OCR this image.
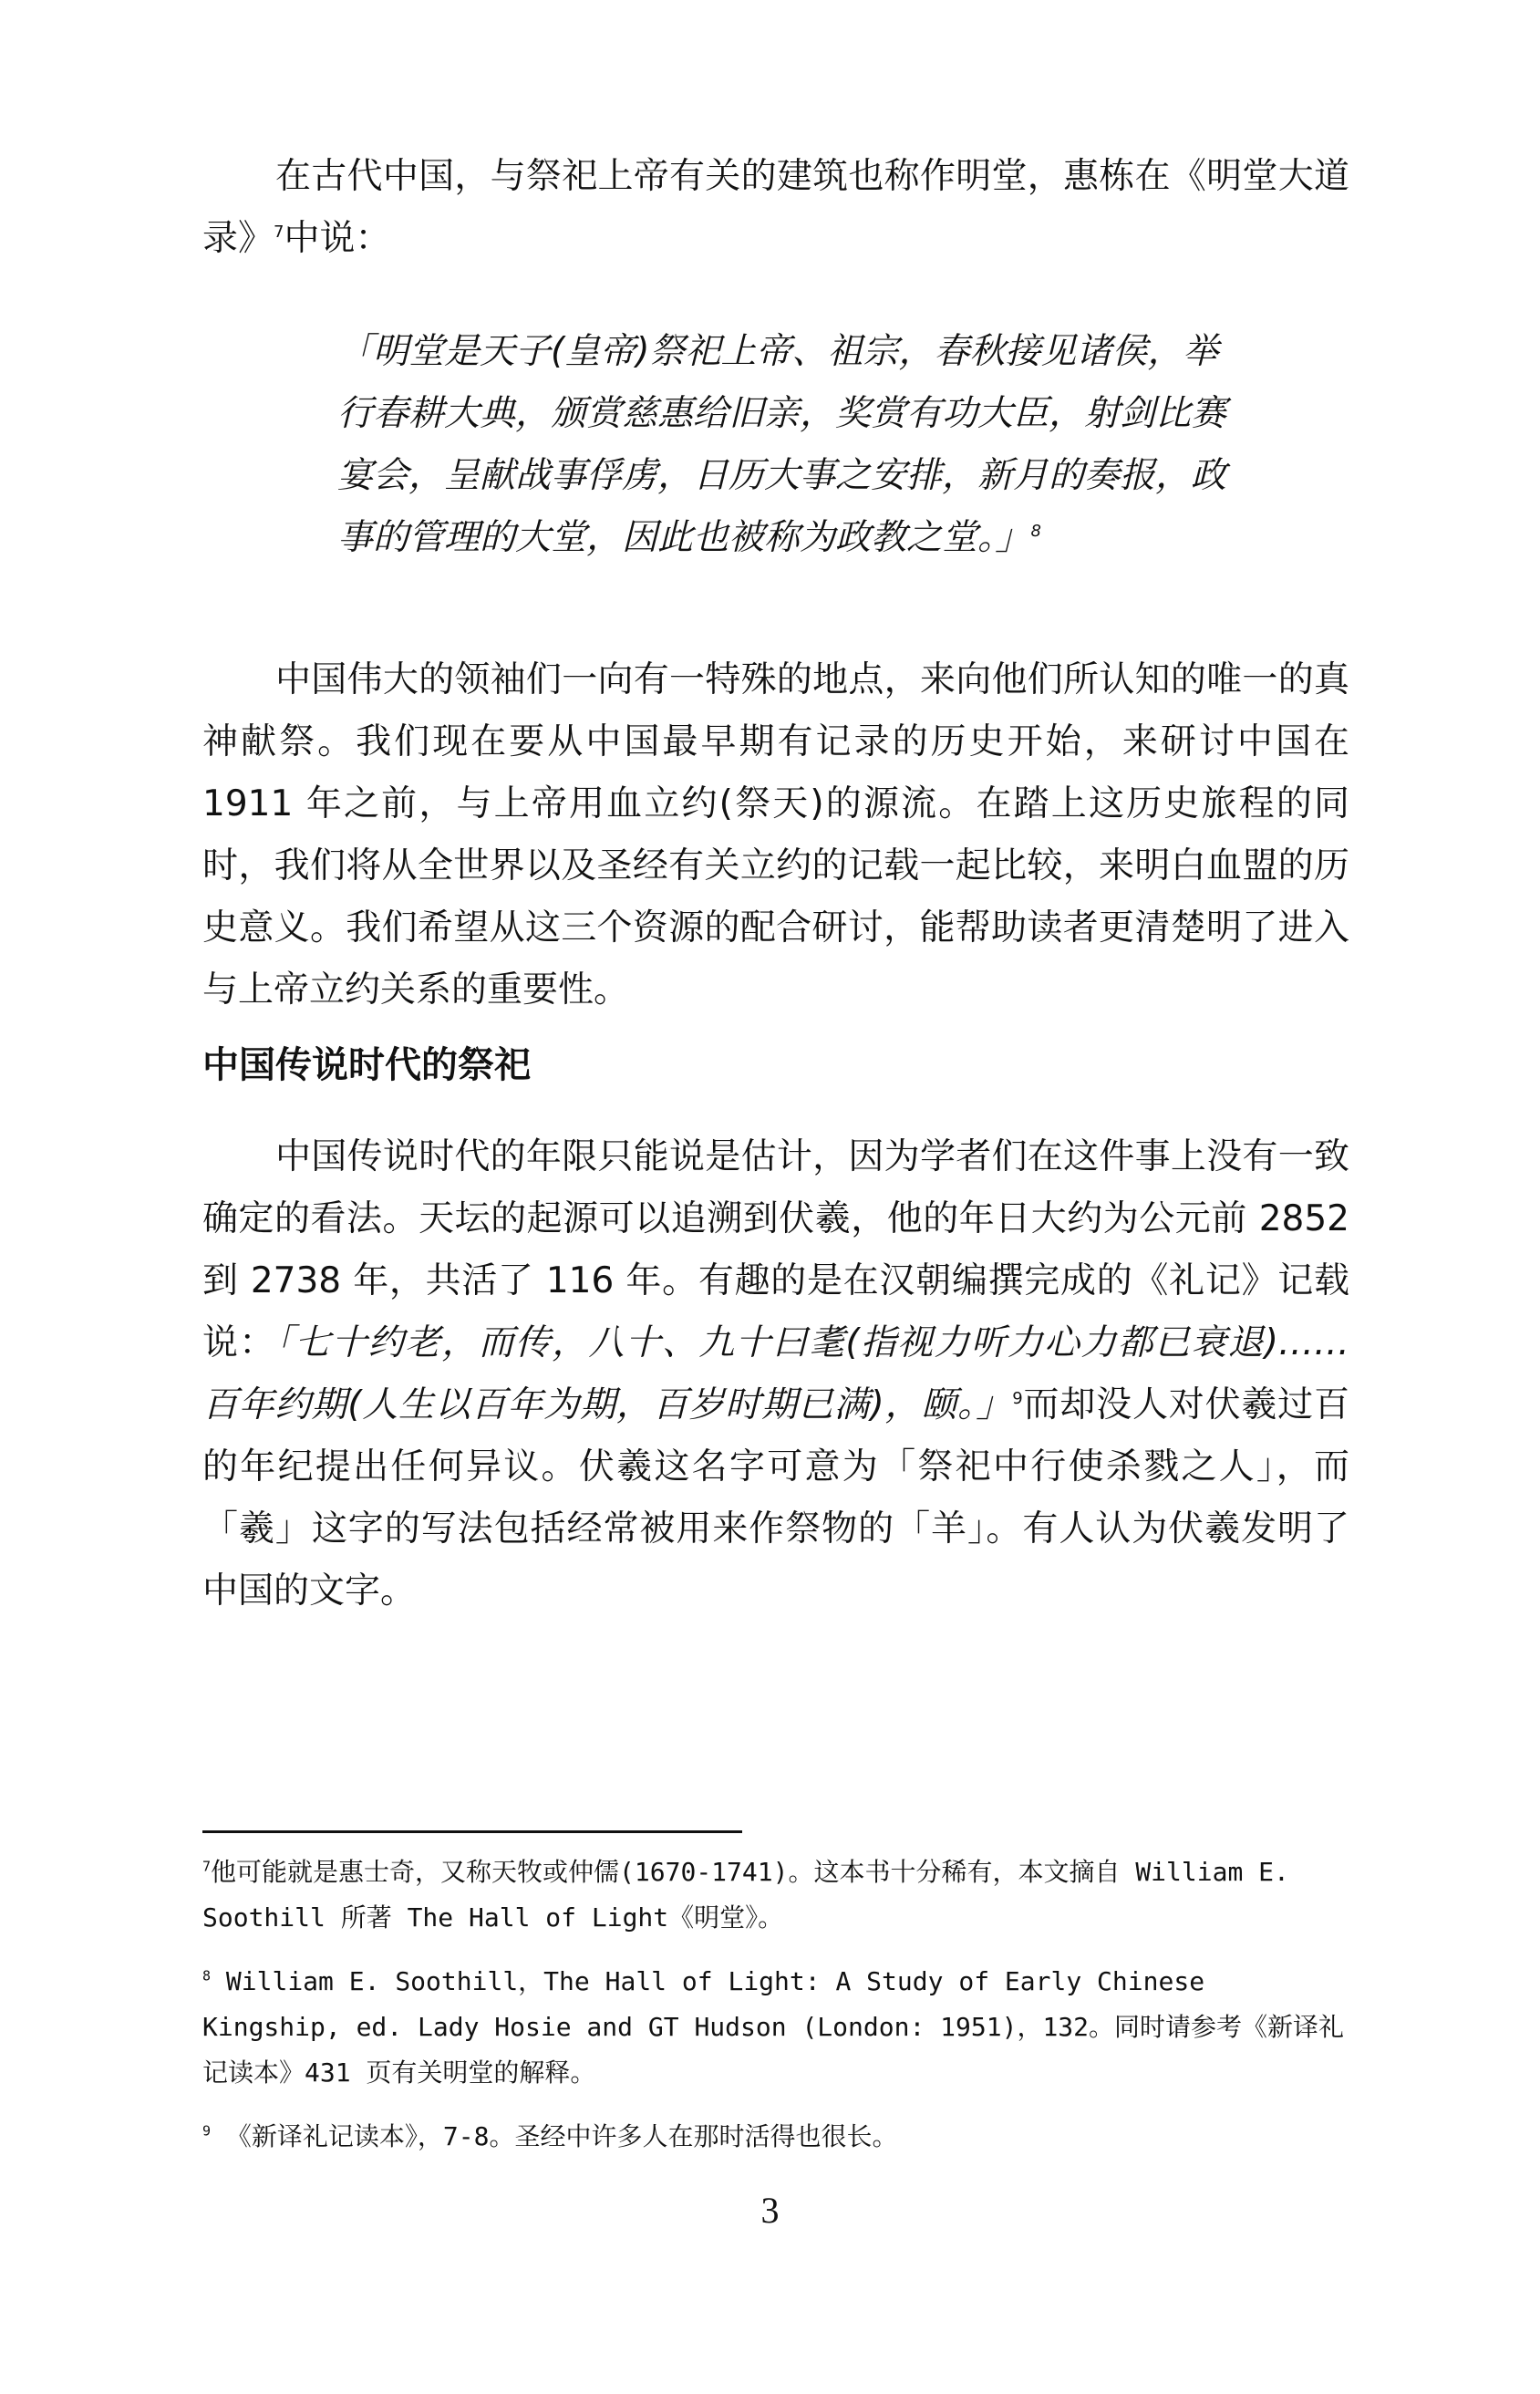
在古代中国，与祭祀上帝有关的建筑也称作明堂，惠栋在《明堂大道录》$^7$中说：

「明堂是天子(皇帝)祭祀上帝、祖宗，春秋接见诸侯，举行春耕大典，颁赏慈惠给旧亲，奖赏有功大臣，射剑比赛宴会，呈献战事俘虏，日历大事之安排，新月的奏报，政事的管理的大堂，因此也被称为政教之堂。」$^8$

中国伟大的领袖们一向有一特殊的地点，来向他们所认知的唯一的真神献祭。我们现在要从中国最早期有记录的历史开始，来研讨中国在 1911 年之前，与上帝用血立约(祭天)的源流。在踏上这历史旅程的同时，我们将从全世界以及圣经有关立约的记载一起比较，来明白血盟的历史意义。我们希望从这三个资源的配合研讨，能帮助读者更清楚明了进入与上帝立约关系的重要性。

中国传说时代的祭祀

中国传说时代的年限只能说是估计，因为学者们在这件事上没有一致确定的看法。天坛的起源可以追溯到伏羲，他的年日大约为公元前 2852 到 2738 年，共活了 116 年。有趣的是在汉朝编撰完成的《礼记》记载说：「七十约老，而传，八十、九十曰耄(指视力听力心力都已衰退)……百年约期(人生以百年为期，百岁时期已满)，颐。」$^9$而却没人对伏羲过百的年纪提出任何异议。伏羲这名字可意为「祭祀中行使杀戮之人」，而「羲」这字的写法包括经常被用来作祭物的「羊」。有人认为伏羲发明了中国的文字。

$^7$他可能就是惠士奇，又称天牧或仲儒(1670-1741)。这本书十分稀有，本文摘自 William E. Soothill 所著 The Hall of Light《明堂》。

$^8$ William E. Soothill，The Hall of Light: A Study of Early Chinese Kingship, ed. Lady Hosie and GT Hudson (London: 1951)，132。同时请参考《新译礼记读本》431 页有关明堂的解释。

$^9$ 《新译礼记读本》，7-8。圣经中许多人在那时活得也很长。

3
